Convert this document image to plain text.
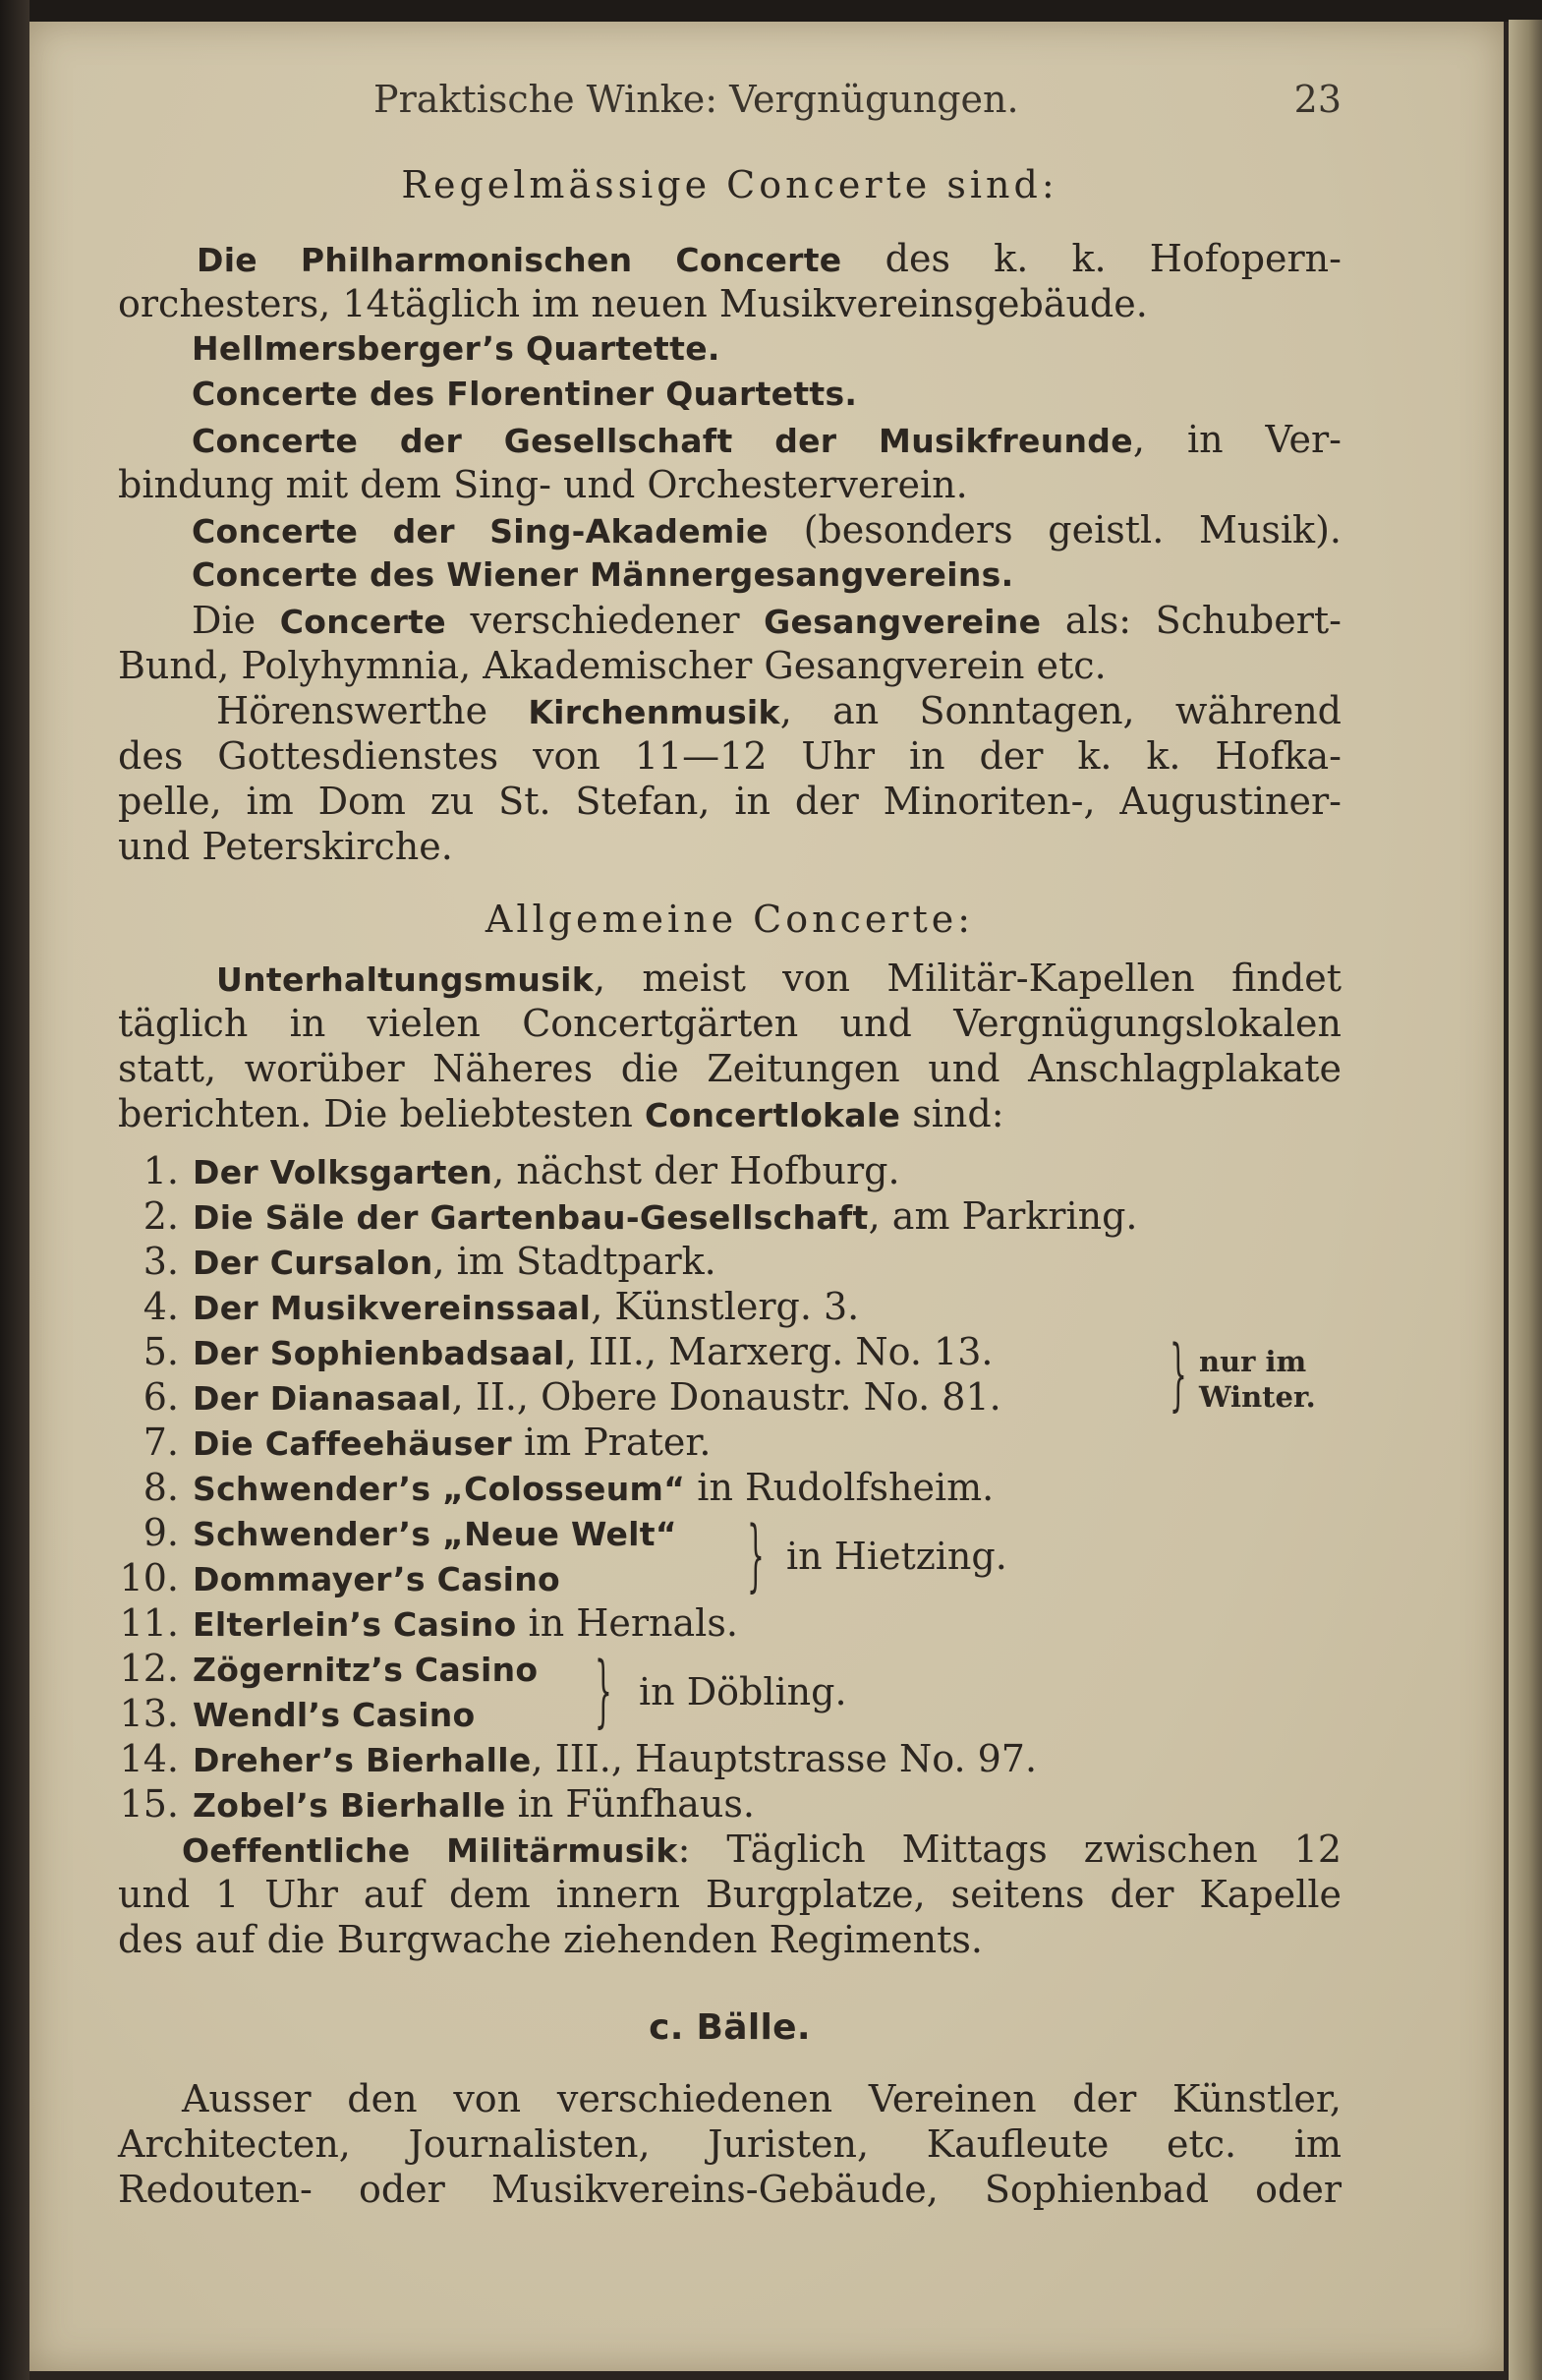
Praktische Winke: Vergnügungen.	23
Regelmässige Concerte sind:
Die Philharmonischen Concerte des k. k. Hofopern-
orchesters, 14täglich im neuen Musikvereinsgebäude.
Hellmersberger’s Quartette.
Concerte des Florentiner Quartetts.
Concerte der Gesellschaft der Musikfreunde, in Ver-
bindung mit dem Sing- und Orchesterverein.
Concerte der Sing-Akademie (besonders geistl. Musik).
Concerte des Wiener Männergesangvereins.
Die Concerte verschiedener Gesangvereine als: Schubert-
Bund, Polyhymnia, Akademischer Gesangverein etc.
Hörenswerthe Kirchenmusik, an Sonntagen, während
des Gottesdienstes von 11—12 Uhr in der k. k. Hofka-
pelle, im Dom zu St. Stefan, in der Minoriten-, Augustiner-
und Peterskirche.
Allgemeine Concerte:
Unterhaltungsmusik, meist von Militär-Kapellen findet
täglich in vielen Concertgärten und Vergnügungslokalen
statt, worüber Näheres die Zeitungen und Anschlagplakate
berichten. Die beliebtesten Concertlokale sind:
1. Der Volksgarten, nächst der Hofburg.
2. Die Säle der Gartenbau-Gesellschaft, am Parkring.
3. Der Cursalon, im Stadtpark.
4. Der Musikvereinssaal, Künstlerg. 3.
5. Der Sophienbadsaal, III., Marxerg. No. 13.
6. Der Dianasaal, II., Obere Donaustr. No. 81. } nur im
Winter.
7. Die Caffeehäuser im Prater.
8. Schwender’s „Colosseum“ in Rudolfsheim.
9. Schwender’s „Neue Welt“
10. Dommayer’s Casino } in Hietzing.
11. Elterlein’s Casino in Hernals.
12. Zögernitz’s Casino
13. Wendl’s Casino } in Döbling.
14. Dreher’s Bierhalle, III., Hauptstrasse No. 97.
15. Zobel’s Bierhalle in Fünfhaus.
Oeffentliche Militärmusik: Täglich Mittags zwischen 12
und 1 Uhr auf dem innern Burgplatze, seitens der Kapelle
des auf die Burgwache ziehenden Regiments.
c. Bälle.
Ausser den von verschiedenen Vereinen der Künstler,
Architecten, Journalisten, Juristen, Kaufleute etc. im
Redouten- oder Musikvereins-Gebäude, Sophienbad oder
